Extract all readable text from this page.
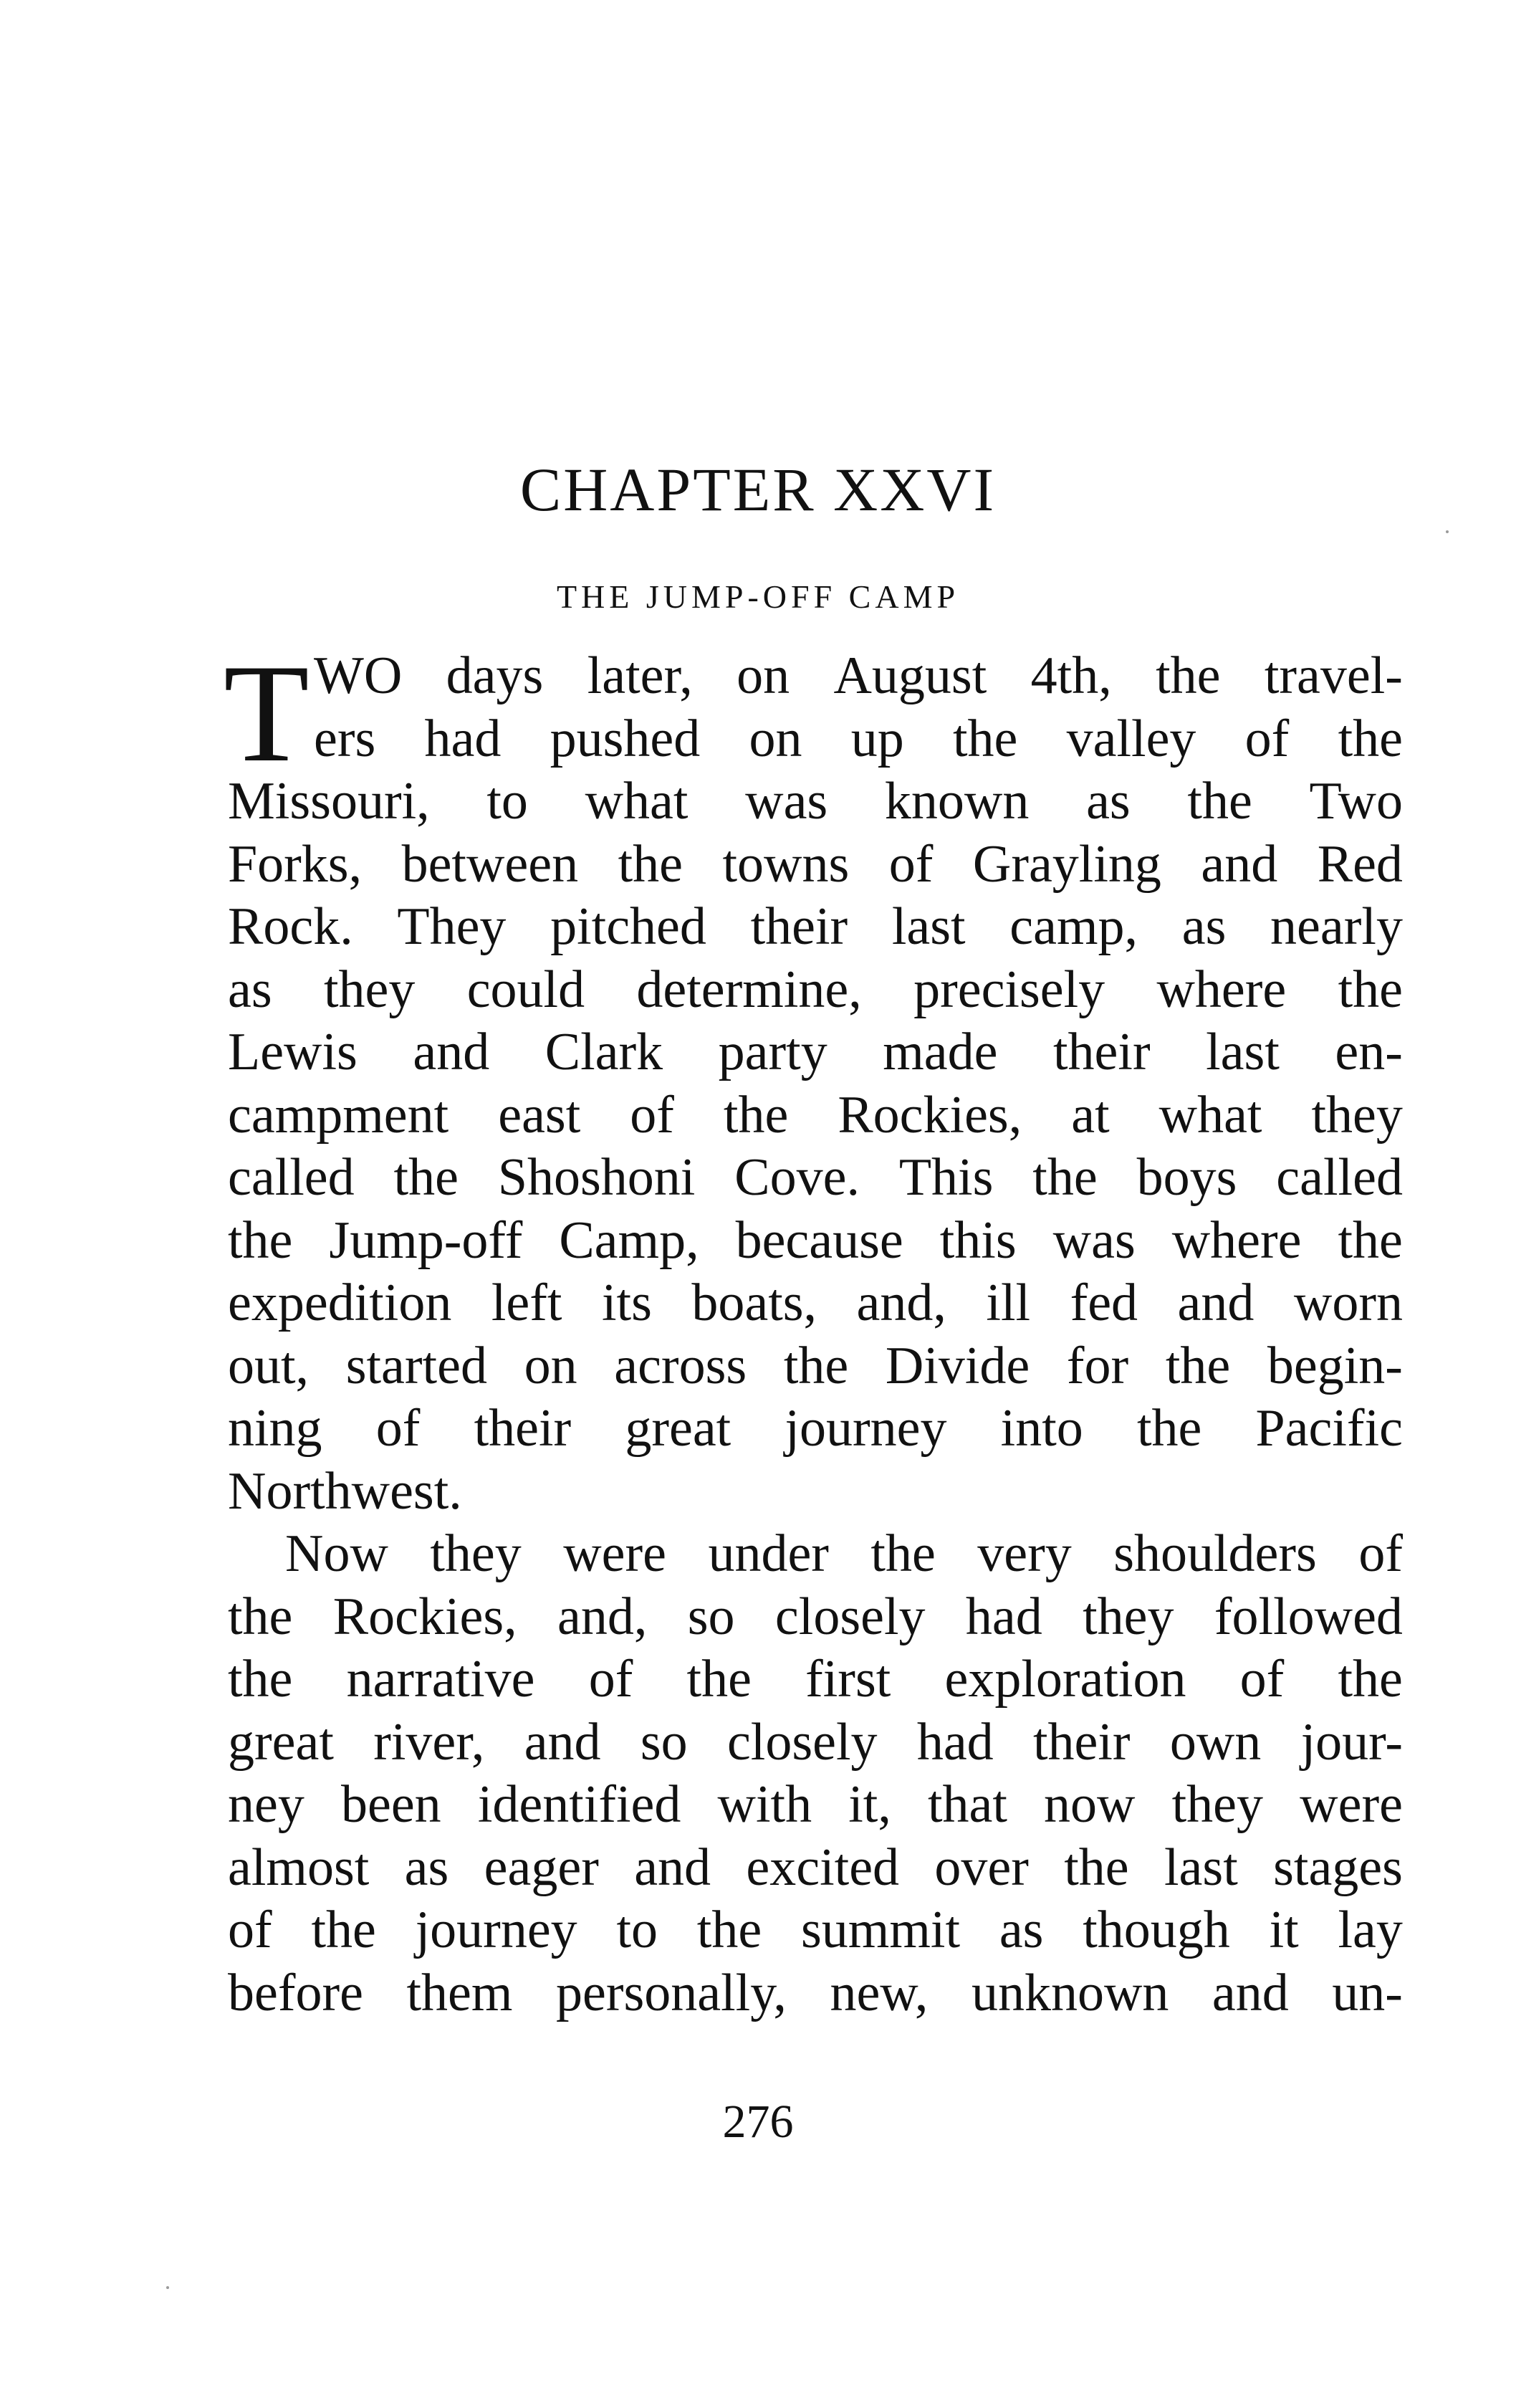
CHAPTER XXVI
THE JUMP-OFF CAMP
T WO days later, on August 4th, the travel-
ers had pushed on up the valley of the
Missouri, to what was known as the Two
Forks, between the towns of Grayling and Red
Rock. They pitched their last camp, as nearly
as they could determine, precisely where the
Lewis and Clark party made their last en-
campment east of the Rockies, at what they
called the Shoshoni Cove. This the boys called
the Jump-off Camp, because this was where the
expedition left its boats, and, ill fed and worn
out, started on across the Divide for the begin-
ning of their great journey into the Pacific
Northwest.
Now they were under the very shoulders of
the Rockies, and, so closely had they followed
the narrative of the first exploration of the
great river, and so closely had their own jour-
ney been identified with it, that now they were
almost as eager and excited over the last stages
of the journey to the summit as though it lay
before them personally, new, unknown and un-
276
